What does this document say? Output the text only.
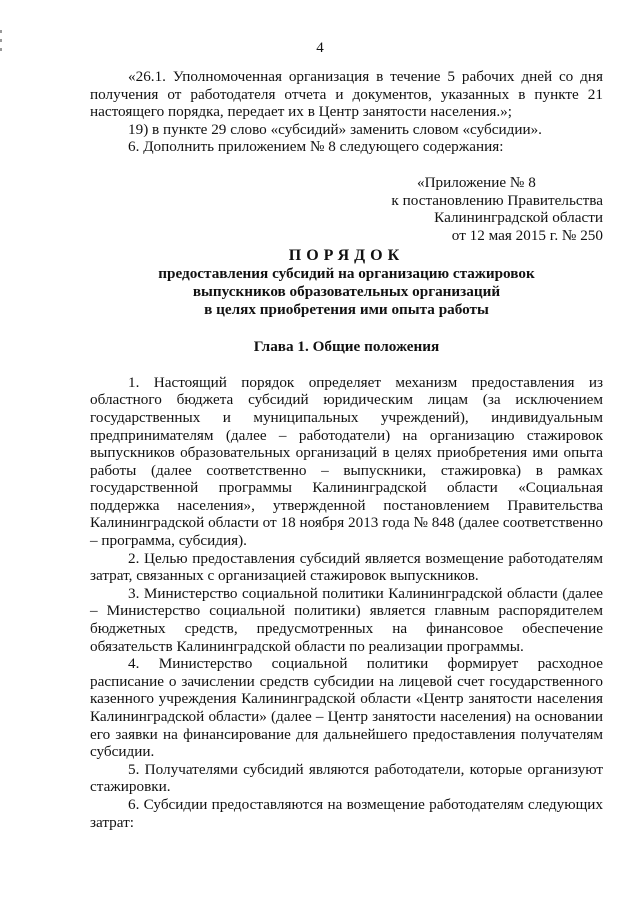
4

«26.1. Уполномоченная организация в течение 5 рабочих дней со дня получения от работодателя отчета и документов, указанных в пункте 21 настоящего порядка, передает их в Центр занятости населения.»;

19) в пункте 29 слово «субсидий» заменить словом «субсидии».

6. Дополнить приложением № 8 следующего содержания:

«Приложение № 8
к постановлению Правительства
Калининградской области
от 12 мая 2015 г. № 250
ПОРЯДОК
предоставления субсидий на организацию стажировок
выпускников образовательных организаций
в целях приобретения ими опыта работы
Глава 1. Общие положения

1. Настоящий порядок определяет механизм предоставления из областного бюджета субсидий юридическим лицам (за исключением государственных и муниципальных учреждений), индивидуальным предпринимателям (далее – работодатели) на организацию стажировок выпускников образовательных организаций в целях приобретения ими опыта работы (далее соответственно – выпускники, стажировка) в рамках государственной программы Калининградской области «Социальная поддержка населения», утвержденной постановлением Правительства Калининградской области от 18 ноября 2013 года № 848 (далее соответственно – программа, субсидия).

2. Целью предоставления субсидий является возмещение работодателям затрат, связанных с организацией стажировок выпускников.

3. Министерство социальной политики Калининградской области (далее – Министерство социальной политики) является главным распорядителем бюджетных средств, предусмотренных на финансовое обеспечение обязательств Калининградской области по реализации программы.

4. Министерство социальной политики формирует расходное расписание о зачислении средств субсидии на лицевой счет государственного казенного учреждения Калининградской области «Центр занятости населения Калининградской области» (далее – Центр занятости населения) на основании его заявки на финансирование для дальнейшего предоставления получателям субсидии.

5. Получателями субсидий являются работодатели, которые организуют стажировки.

6. Субсидии предоставляются на возмещение работодателям следующих затрат:
